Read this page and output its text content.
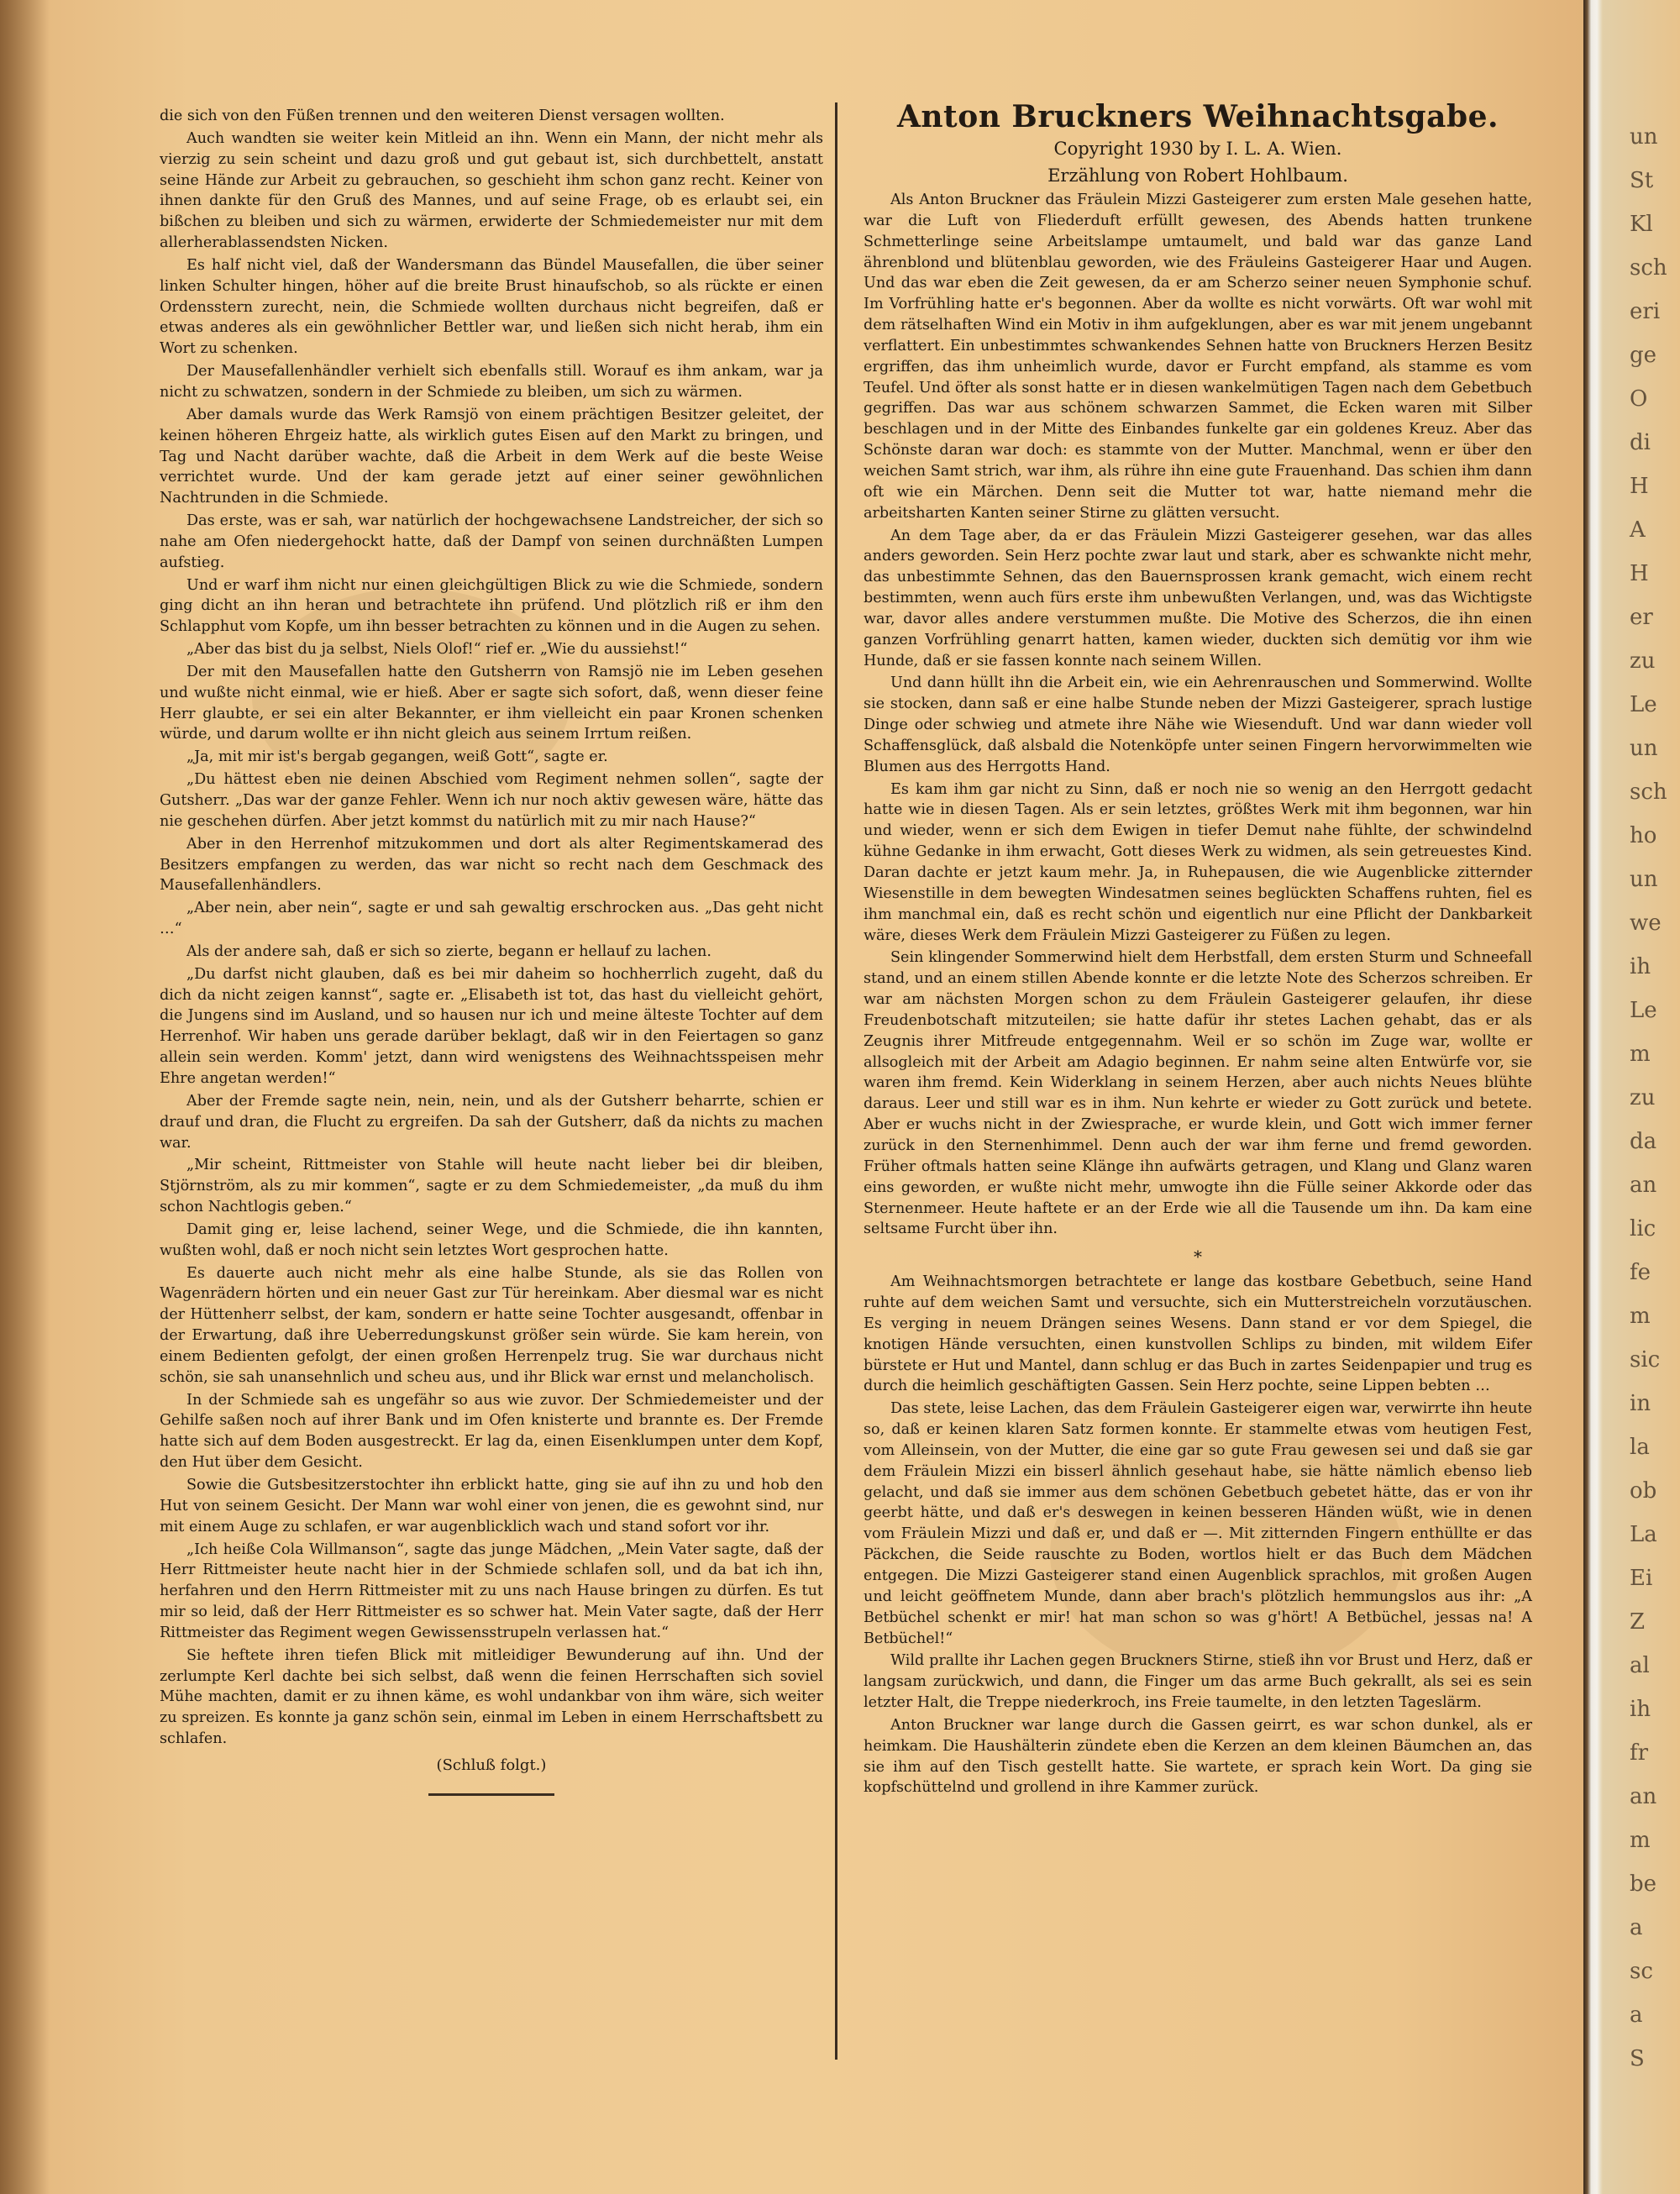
die sich von den Füßen trennen und den weiteren Dienst versagen wollten.

Auch wandten sie weiter kein Mitleid an ihn. Wenn ein Mann, der nicht mehr als vierzig zu sein scheint und dazu groß und gut gebaut ist, sich durchbettelt, anstatt seine Hände zur Arbeit zu gebrauchen, so geschieht ihm schon ganz recht. Keiner von ihnen dankte für den Gruß des Mannes, und auf seine Frage, ob es erlaubt sei, ein bißchen zu bleiben und sich zu wärmen, erwiderte der Schmiedemeister nur mit dem allerherablassendsten Nicken.

Es half nicht viel, daß der Wandersmann das Bündel Mausefallen, die über seiner linken Schulter hingen, höher auf die breite Brust hinaufschob, so als rückte er einen Ordensstern zurecht, nein, die Schmiede wollten durchaus nicht begreifen, daß er etwas anderes als ein gewöhnlicher Bettler war, und ließen sich nicht herab, ihm ein Wort zu schenken.

Der Mausefallenhändler verhielt sich ebenfalls still. Worauf es ihm ankam, war ja nicht zu schwatzen, sondern in der Schmiede zu bleiben, um sich zu wärmen.

Aber damals wurde das Werk Ramsjö von einem prächtigen Besitzer geleitet, der keinen höheren Ehrgeiz hatte, als wirklich gutes Eisen auf den Markt zu bringen, und Tag und Nacht darüber wachte, daß die Arbeit in dem Werk auf die beste Weise verrichtet wurde. Und der kam gerade jetzt auf einer seiner gewöhnlichen Nachtrunden in die Schmiede.

Das erste, was er sah, war natürlich der hochgewachsene Landstreicher, der sich so nahe am Ofen niedergehockt hatte, daß der Dampf von seinen durchnäßten Lumpen aufstieg.

Und er warf ihm nicht nur einen gleichgültigen Blick zu wie die Schmiede, sondern ging dicht an ihn heran und betrachtete ihn prüfend. Und plötzlich riß er ihm den Schlapphut vom Kopfe, um ihn besser betrachten zu können und in die Augen zu sehen.

„Aber das bist du ja selbst, Niels Olof!“ rief er. „Wie du aussiehst!“

Der mit den Mausefallen hatte den Gutsherrn von Ramsjö nie im Leben gesehen und wußte nicht einmal, wie er hieß. Aber er sagte sich sofort, daß, wenn dieser feine Herr glaubte, er sei ein alter Bekannter, er ihm vielleicht ein paar Kronen schenken würde, und darum wollte er ihn nicht gleich aus seinem Irrtum reißen.

„Ja, mit mir ist's bergab gegangen, weiß Gott“, sagte er.

„Du hättest eben nie deinen Abschied vom Regiment nehmen sollen“, sagte der Gutsherr. „Das war der ganze Fehler. Wenn ich nur noch aktiv gewesen wäre, hätte das nie geschehen dürfen. Aber jetzt kommst du natürlich mit zu mir nach Hause?“

Aber in den Herrenhof mitzukommen und dort als alter Regimentskamerad des Besitzers empfangen zu werden, das war nicht so recht nach dem Geschmack des Mausefallenhändlers.

„Aber nein, aber nein“, sagte er und sah gewaltig erschrocken aus. „Das geht nicht …“

Als der andere sah, daß er sich so zierte, begann er hellauf zu lachen.

„Du darfst nicht glauben, daß es bei mir daheim so hochherrlich zugeht, daß du dich da nicht zeigen kannst“, sagte er. „Elisabeth ist tot, das hast du vielleicht gehört, die Jungens sind im Ausland, und so hausen nur ich und meine älteste Tochter auf dem Herrenhof. Wir haben uns gerade darüber beklagt, daß wir in den Feiertagen so ganz allein sein werden. Komm' jetzt, dann wird wenigstens des Weihnachtsspeisen mehr Ehre angetan werden!“

Aber der Fremde sagte nein, nein, nein, und als der Gutsherr beharrte, schien er drauf und dran, die Flucht zu ergreifen. Da sah der Gutsherr, daß da nichts zu machen war.

„Mir scheint, Rittmeister von Stahle will heute nacht lieber bei dir bleiben, Stjörnström, als zu mir kommen“, sagte er zu dem Schmiedemeister, „da muß du ihm schon Nachtlogis geben.“

Damit ging er, leise lachend, seiner Wege, und die Schmiede, die ihn kannten, wußten wohl, daß er noch nicht sein letztes Wort gesprochen hatte.

Es dauerte auch nicht mehr als eine halbe Stunde, als sie das Rollen von Wagenrädern hörten und ein neuer Gast zur Tür hereinkam. Aber diesmal war es nicht der Hüttenherr selbst, der kam, sondern er hatte seine Tochter ausgesandt, offenbar in der Erwartung, daß ihre Ueberredungskunst größer sein würde. Sie kam herein, von einem Bedienten gefolgt, der einen großen Herrenpelz trug. Sie war durchaus nicht schön, sie sah unansehnlich und scheu aus, und ihr Blick war ernst und melancholisch.

In der Schmiede sah es ungefähr so aus wie zuvor. Der Schmiedemeister und der Gehilfe saßen noch auf ihrer Bank und im Ofen knisterte und brannte es. Der Fremde hatte sich auf dem Boden ausgestreckt. Er lag da, einen Eisenklumpen unter dem Kopf, den Hut über dem Gesicht.

Sowie die Gutsbesitzerstochter ihn erblickt hatte, ging sie auf ihn zu und hob den Hut von seinem Gesicht. Der Mann war wohl einer von jenen, die es gewohnt sind, nur mit einem Auge zu schlafen, er war augenblicklich wach und stand sofort vor ihr.

„Ich heiße Cola Willmanson“, sagte das junge Mädchen, „Mein Vater sagte, daß der Herr Rittmeister heute nacht hier in der Schmiede schlafen soll, und da bat ich ihn, herfahren und den Herrn Rittmeister mit zu uns nach Hause bringen zu dürfen. Es tut mir so leid, daß der Herr Rittmeister es so schwer hat. Mein Vater sagte, daß der Herr Rittmeister das Regiment wegen Gewissensstrupeln verlassen hat.“

Sie heftete ihren tiefen Blick mit mitleidiger Bewunderung auf ihn. Und der zerlumpte Kerl dachte bei sich selbst, daß wenn die feinen Herrschaften sich soviel Mühe machten, damit er zu ihnen käme, es wohl undankbar von ihm wäre, sich weiter zu spreizen. Es konnte ja ganz schön sein, einmal im Leben in einem Herrschaftsbett zu schlafen.

(Schluß folgt.)
Anton Bruckners Weihnachtsgabe.

Copyright 1930 by I. L. A. Wien.

Erzählung von Robert Hohlbaum.

Als Anton Bruckner das Fräulein Mizzi Gasteigerer zum ersten Male gesehen hatte, war die Luft von Fliederduft erfüllt gewesen, des Abends hatten trunkene Schmetterlinge seine Arbeitslampe umtaumelt, und bald war das ganze Land ährenblond und blütenblau geworden, wie des Fräuleins Gasteigerer Haar und Augen. Und das war eben die Zeit gewesen, da er am Scherzo seiner neuen Symphonie schuf. Im Vorfrühling hatte er's begonnen. Aber da wollte es nicht vorwärts. Oft war wohl mit dem rätselhaften Wind ein Motiv in ihm aufgeklungen, aber es war mit jenem ungebannt verflattert. Ein unbestimmtes schwankendes Sehnen hatte von Bruckners Herzen Besitz ergriffen, das ihm unheimlich wurde, davor er Furcht empfand, als stamme es vom Teufel. Und öfter als sonst hatte er in diesen wankelmütigen Tagen nach dem Gebetbuch gegriffen. Das war aus schönem schwarzen Sammet, die Ecken waren mit Silber beschlagen und in der Mitte des Einbandes funkelte gar ein goldenes Kreuz. Aber das Schönste daran war doch: es stammte von der Mutter. Manchmal, wenn er über den weichen Samt strich, war ihm, als rühre ihn eine gute Frauenhand. Das schien ihm dann oft wie ein Märchen. Denn seit die Mutter tot war, hatte niemand mehr die arbeitsharten Kanten seiner Stirne zu glätten versucht.

An dem Tage aber, da er das Fräulein Mizzi Gasteigerer gesehen, war das alles anders geworden. Sein Herz pochte zwar laut und stark, aber es schwankte nicht mehr, das unbestimmte Sehnen, das den Bauernsprossen krank gemacht, wich einem recht bestimmten, wenn auch fürs erste ihm unbewußten Verlangen, und, was das Wichtigste war, davor alles andere verstummen mußte. Die Motive des Scherzos, die ihn einen ganzen Vorfrühling genarrt hatten, kamen wieder, duckten sich demütig vor ihm wie Hunde, daß er sie fassen konnte nach seinem Willen.

Und dann hüllt ihn die Arbeit ein, wie ein Aehrenrauschen und Sommerwind. Wollte sie stocken, dann saß er eine halbe Stunde neben der Mizzi Gasteigerer, sprach lustige Dinge oder schwieg und atmete ihre Nähe wie Wiesenduft. Und war dann wieder voll Schaffensglück, daß alsbald die Notenköpfe unter seinen Fingern hervorwimmelten wie Blumen aus des Herrgotts Hand.

Es kam ihm gar nicht zu Sinn, daß er noch nie so wenig an den Herrgott gedacht hatte wie in diesen Tagen. Als er sein letztes, größtes Werk mit ihm begonnen, war hin und wieder, wenn er sich dem Ewigen in tiefer Demut nahe fühlte, der schwindelnd kühne Gedanke in ihm erwacht, Gott dieses Werk zu widmen, als sein getreuestes Kind. Daran dachte er jetzt kaum mehr. Ja, in Ruhepausen, die wie Augenblicke zitternder Wiesenstille in dem bewegten Windesatmen seines beglückten Schaffens ruhten, fiel es ihm manchmal ein, daß es recht schön und eigentlich nur eine Pflicht der Dankbarkeit wäre, dieses Werk dem Fräulein Mizzi Gasteigerer zu Füßen zu legen.

Sein klingender Sommerwind hielt dem Herbstfall, dem ersten Sturm und Schneefall stand, und an einem stillen Abende konnte er die letzte Note des Scherzos schreiben. Er war am nächsten Morgen schon zu dem Fräulein Gasteigerer gelaufen, ihr diese Freudenbotschaft mitzuteilen; sie hatte dafür ihr stetes Lachen gehabt, das er als Zeugnis ihrer Mitfreude entgegennahm. Weil er so schön im Zuge war, wollte er allsogleich mit der Arbeit am Adagio beginnen. Er nahm seine alten Entwürfe vor, sie waren ihm fremd. Kein Widerklang in seinem Herzen, aber auch nichts Neues blühte daraus. Leer und still war es in ihm. Nun kehrte er wieder zu Gott zurück und betete. Aber er wuchs nicht in der Zwiesprache, er wurde klein, und Gott wich immer ferner zurück in den Sternenhimmel. Denn auch der war ihm ferne und fremd geworden. Früher oftmals hatten seine Klänge ihn aufwärts getragen, und Klang und Glanz waren eins geworden, er wußte nicht mehr, umwogte ihn die Fülle seiner Akkorde oder das Sternenmeer. Heute haftete er an der Erde wie all die Tausende um ihn. Da kam eine seltsame Furcht über ihn.

*

Am Weihnachtsmorgen betrachtete er lange das kostbare Gebetbuch, seine Hand ruhte auf dem weichen Samt und versuchte, sich ein Mutterstreicheln vorzutäuschen. Es verging in neuem Drängen seines Wesens. Dann stand er vor dem Spiegel, die knotigen Hände versuchten, einen kunstvollen Schlips zu binden, mit wildem Eifer bürstete er Hut und Mantel, dann schlug er das Buch in zartes Seidenpapier und trug es durch die heimlich geschäftigten Gassen. Sein Herz pochte, seine Lippen bebten …

Das stete, leise Lachen, das dem Fräulein Gasteigerer eigen war, verwirrte ihn heute so, daß er keinen klaren Satz formen konnte. Er stammelte etwas vom heutigen Fest, vom Alleinsein, von der Mutter, die eine gar so gute Frau gewesen sei und daß sie gar dem Fräulein Mizzi ein bisserl ähnlich gesehaut habe, sie hätte nämlich ebenso lieb gelacht, und daß sie immer aus dem schönen Gebetbuch gebetet hätte, das er von ihr geerbt hätte, und daß er's deswegen in keinen besseren Händen wüßt, wie in denen vom Fräulein Mizzi und daß er, und daß er —. Mit zitternden Fingern enthüllte er das Päckchen, die Seide rauschte zu Boden, wortlos hielt er das Buch dem Mädchen entgegen. Die Mizzi Gasteigerer stand einen Augenblick sprachlos, mit großen Augen und leicht geöffnetem Munde, dann aber brach's plötzlich hemmungslos aus ihr: „A Betbüchel schenkt er mir! hat man schon so was g'hört! A Betbüchel, jessas na! A Betbüchel!“

Wild prallte ihr Lachen gegen Bruckners Stirne, stieß ihn vor Brust und Herz, daß er langsam zurückwich, und dann, die Finger um das arme Buch gekrallt, als sei es sein letzter Halt, die Treppe niederkroch, ins Freie taumelte, in den letzten Tageslärm.

Anton Bruckner war lange durch die Gassen geirrt, es war schon dunkel, als er heimkam. Die Haushälterin zündete eben die Kerzen an dem kleinen Bäumchen an, das sie ihm auf den Tisch gestellt hatte. Sie wartete, er sprach kein Wort. Da ging sie kopfschüttelnd und grollend in ihre Kammer zurück.

un
St
Kl
sch
eri
ge
O
di
H
A
H
er
zu
Le
un
sch
ho
un
we
ih
Le
m
zu
da
an
lic
fe
m
sic
in
la
ob
La
Ei
Z
al
ih
fr
an
m
be
a
sc
a
S
